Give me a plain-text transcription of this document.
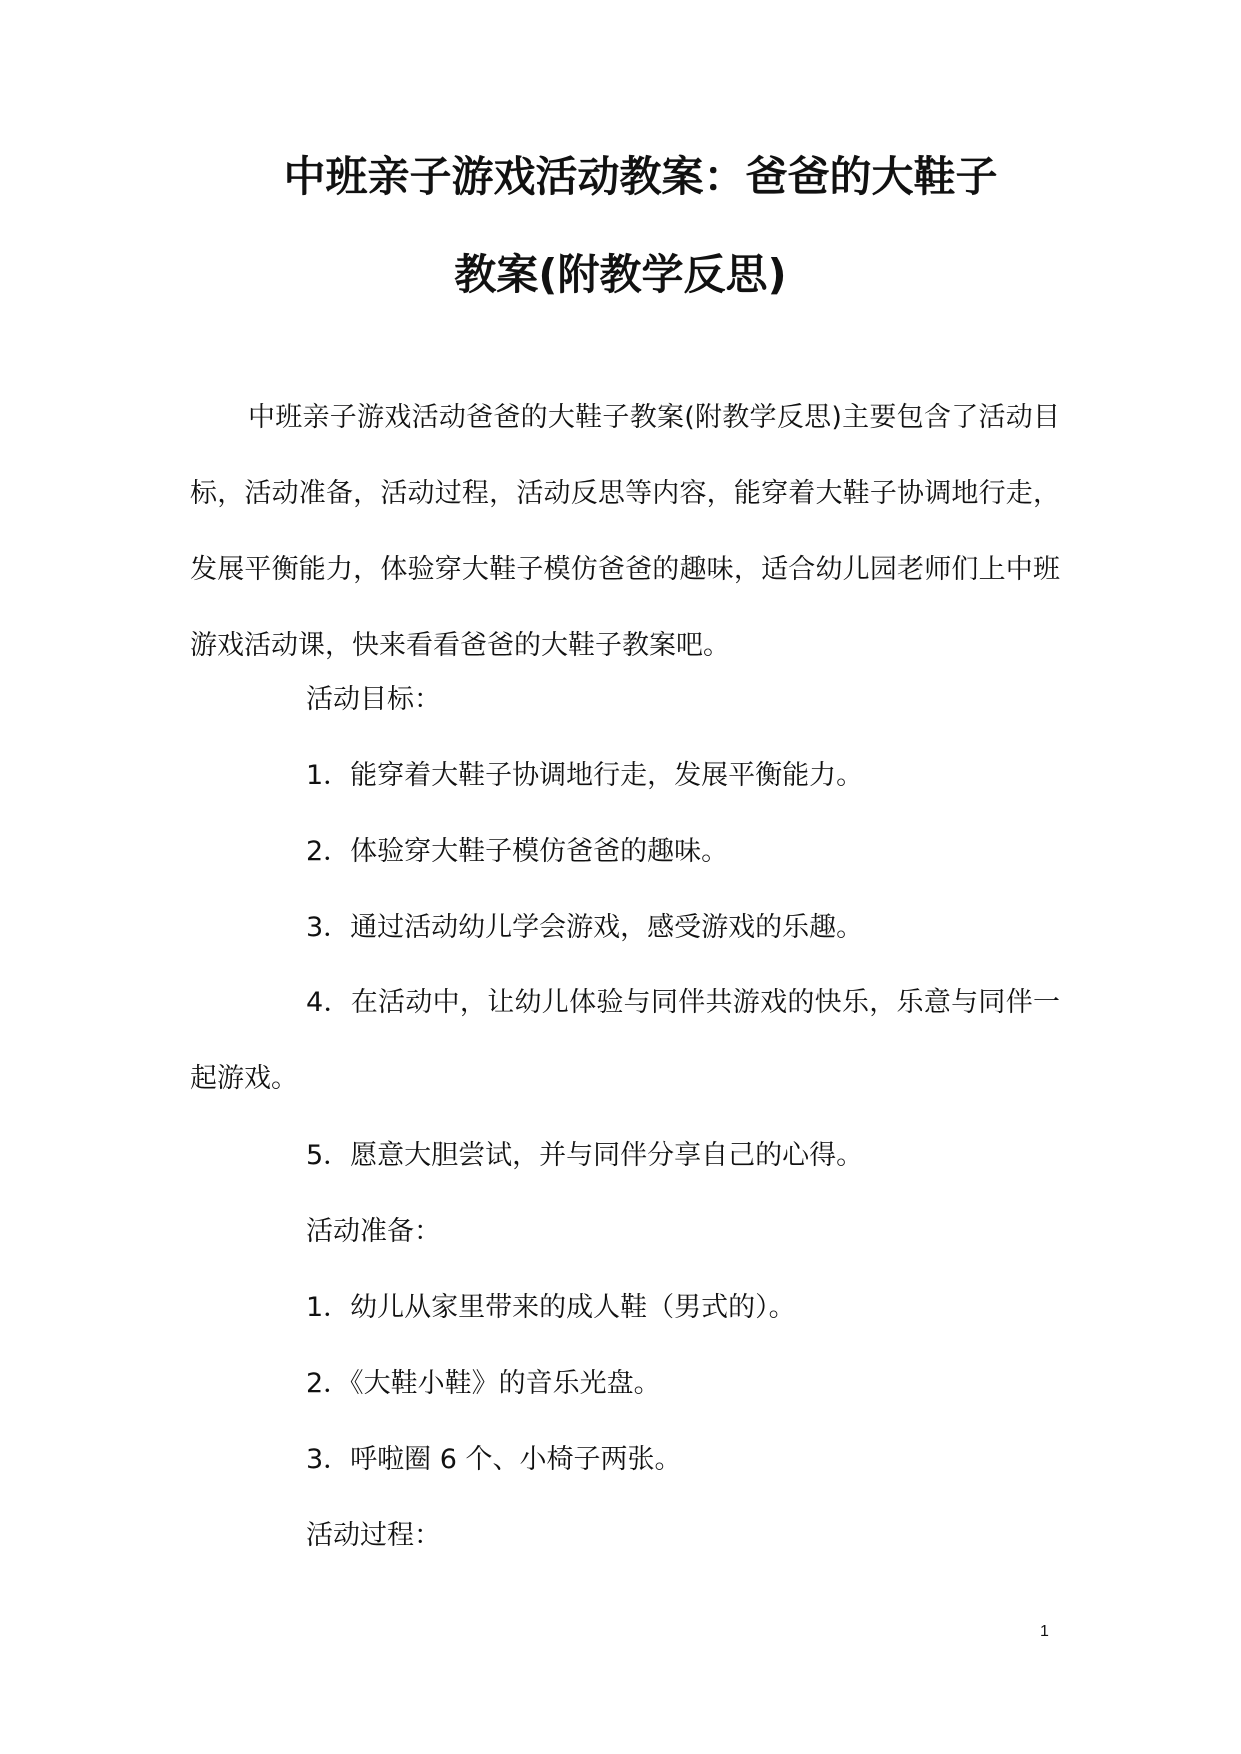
中班亲子游戏活动教案：爸爸的大鞋子
教案(附教学反思)
中班亲子游戏活动爸爸的大鞋子教案(附教学反思)主要包含了活动目标，活动准备，活动过程，活动反思等内容，能穿着大鞋子协调地行走，发展平衡能力，体验穿大鞋子模仿爸爸的趣味，适合幼儿园老师们上中班游戏活动课，快来看看爸爸的大鞋子教案吧。
活动目标：
1．能穿着大鞋子协调地行走，发展平衡能力。
2．体验穿大鞋子模仿爸爸的趣味。
3．通过活动幼儿学会游戏，感受游戏的乐趣。
4．在活动中，让幼儿体验与同伴共游戏的快乐，乐意与同伴一起游戏。
5．愿意大胆尝试，并与同伴分享自己的心得。
活动准备：
1．幼儿从家里带来的成人鞋（男式的）。
2．《大鞋小鞋》的音乐光盘。
3．呼啦圈 6 个、小椅子两张。
活动过程：
1
